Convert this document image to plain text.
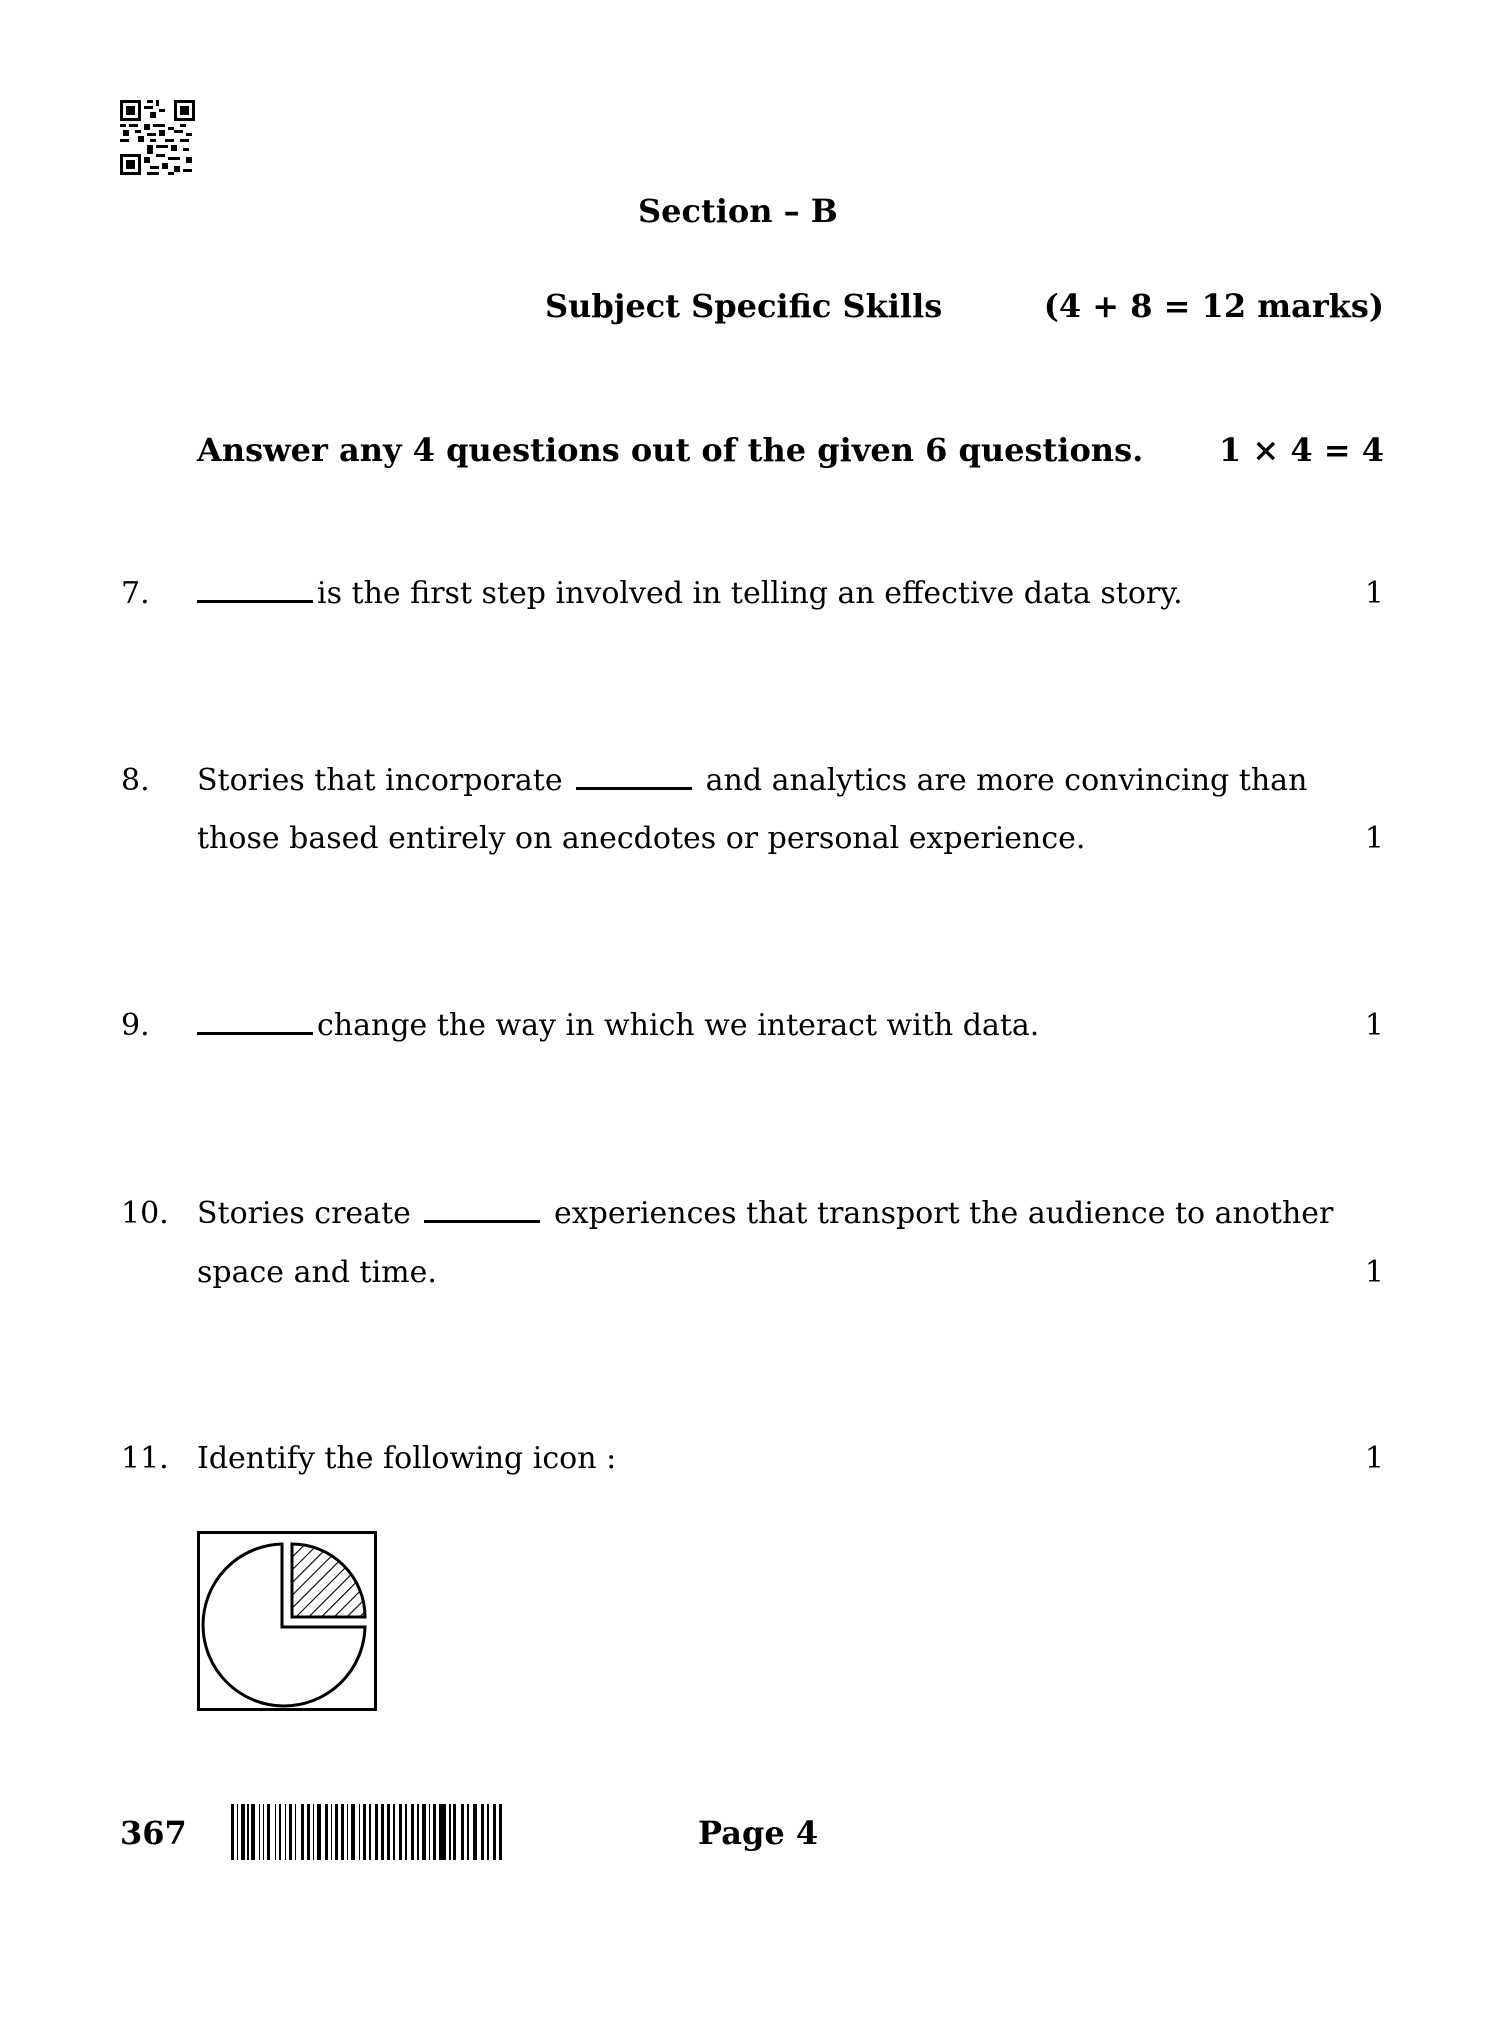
Section – B
Subject Specific Skills	(4 + 8 = 12 marks)
Answer any 4 questions out of the given 6 questions. 1 × 4 = 4
7.	is the first step involved in telling an effective data story.	1
8. Stories that incorporate	and analytics are more convincing than
those based entirely on anecdotes or personal experience.	1
9.	change the way in which we interact with data.	1
10. Stories create	experiences that transport the audience to another
space and time.	1
11. Identify the following icon :	1
367	Page 4
